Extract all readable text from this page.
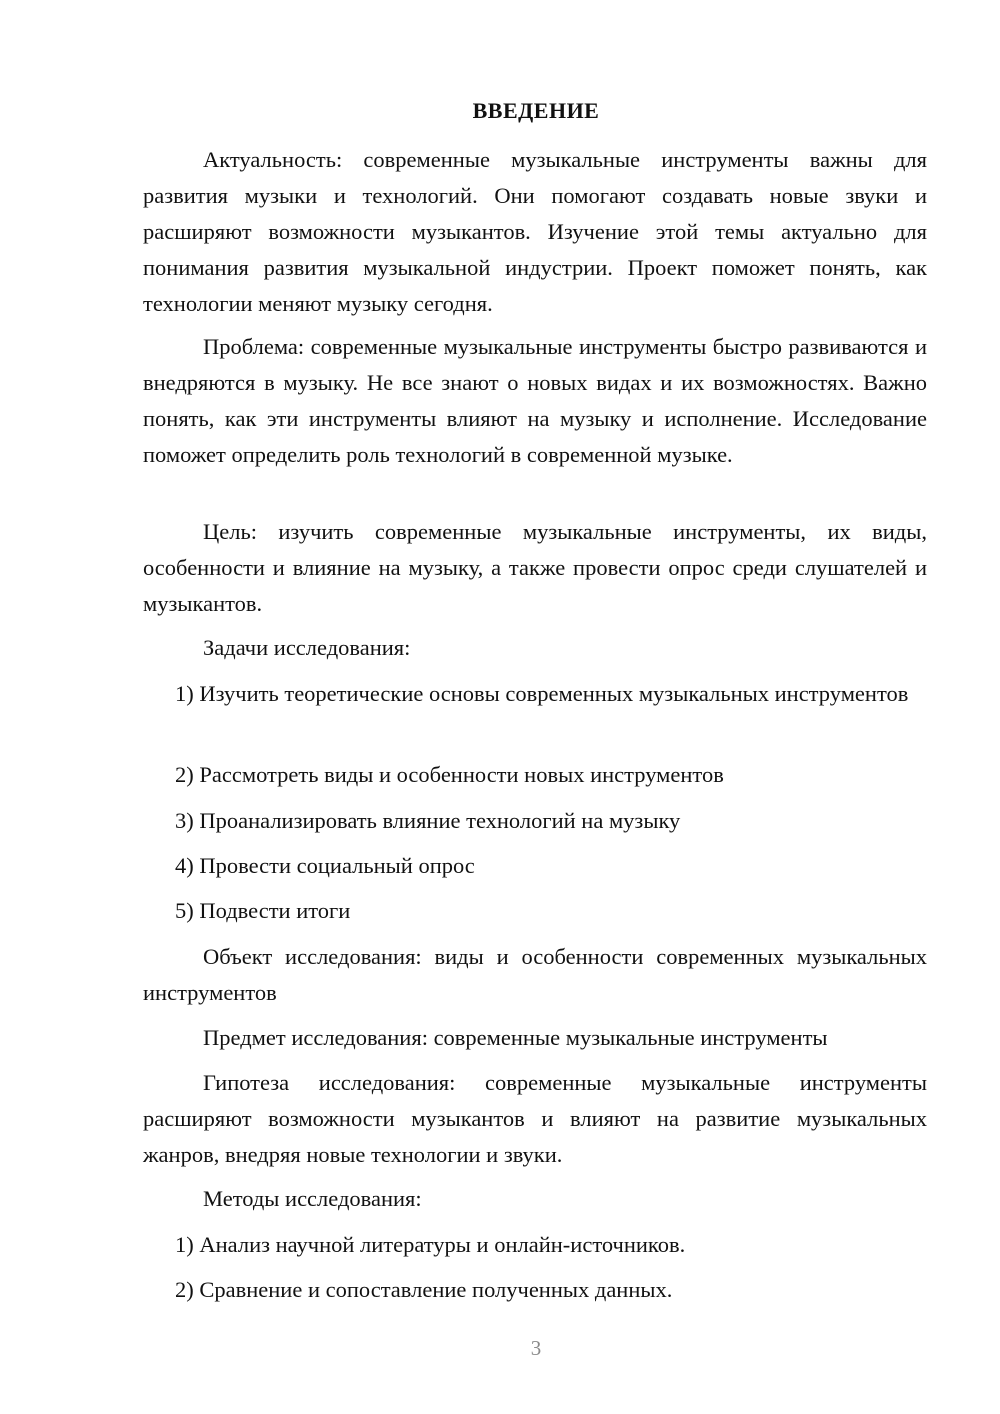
ВВЕДЕНИЕ

Актуальность: современные музыкальные инструменты важны для развития музыки и технологий. Они помогают создавать новые звуки и расширяют возможности музыкантов. Изучение этой темы актуально для понимания развития музыкальной индустрии. Проект поможет понять, как технологии меняют музыку сегодня.

Проблема: современные музыкальные инструменты быстро развиваются и внедряются в музыку. Не все знают о новых видах и их возможностях. Важно понять, как эти инструменты влияют на музыку и исполнение. Исследование поможет определить роль технологий в современной музыке.

Цель: изучить современные музыкальные инструменты, их виды, особенности и влияние на музыку, а также провести опрос среди слушателей и музыкантов.

Задачи исследования:

1) Изучить теоретические основы современных музыкальных инструментов

2) Рассмотреть виды и особенности новых инструментов

3) Проанализировать влияние технологий на музыку

4) Провести социальный опрос

5) Подвести итоги

Объект исследования: виды и особенности современных музыкальных инструментов

Предмет исследования: современные музыкальные инструменты

Гипотеза исследования: современные музыкальные инструменты расширяют возможности музыкантов и влияют на развитие музыкальных жанров, внедряя новые технологии и звуки.

Методы исследования:

1) Анализ научной литературы и онлайн-источников.

2) Сравнение и сопоставление полученных данных.

3
